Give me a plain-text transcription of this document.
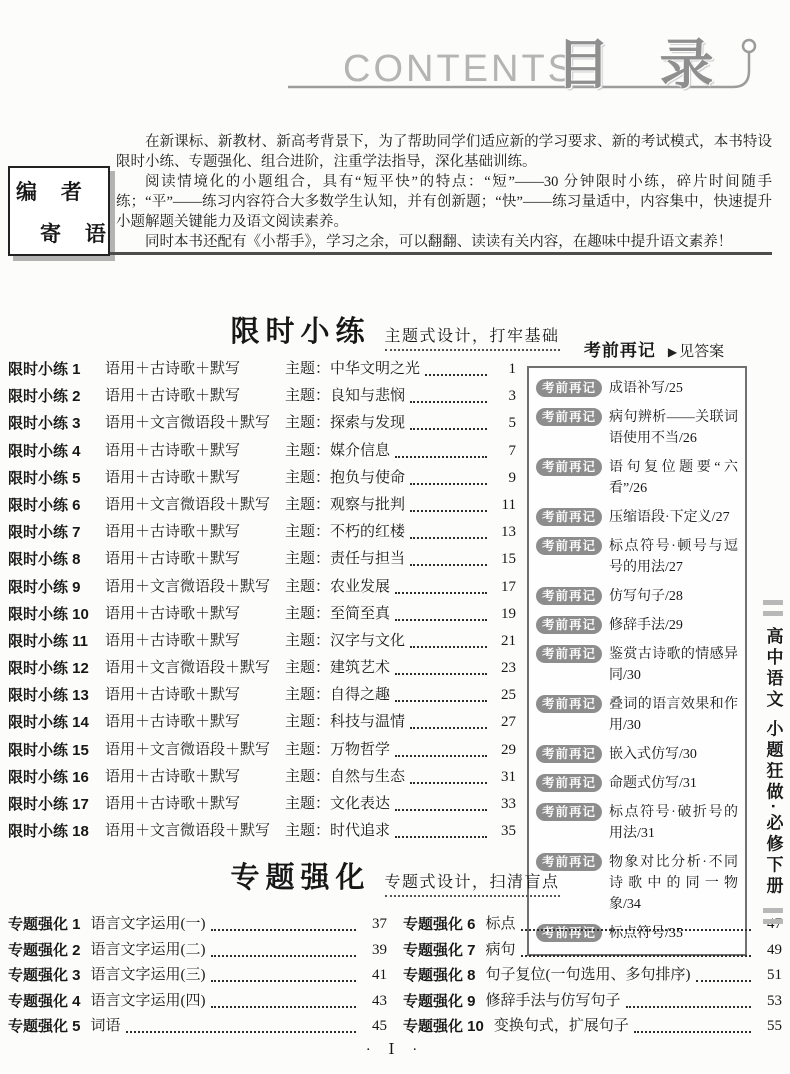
CONTENTS
目 录
编 者
寄 语

在新课标、新教材、新高考背景下，为了帮助同学们适应新的学习要求、新的考试模式，本书特设限时小练、专题强化、组合进阶，注重学法指导，深化基础训练。

阅读情境化的小题组合，具有“短平快”的特点：“短”——30 分钟限时小练，碎片时间随手练；“平”——练习内容符合大多数学生认知，并有创新题；“快”——练习量适中，内容集中，快速提升小题解题关键能力及语文阅读素养。

同时本书还配有《小帮手》，学习之余，可以翻翻、读读有关内容，在趣味中提升语文素养！

限时小练 主题式设计，打牢基础
限时小练 1	语用＋古诗歌＋默写	主题：中华文明之光	1
限时小练 2	语用＋古诗歌＋默写	主题：良知与悲悯	3
限时小练 3	语用＋文言微语段＋默写 主题：探索与发现	5
限时小练 4	语用＋古诗歌＋默写	主题：媒介信息	7
限时小练 5	语用＋古诗歌＋默写	主题：抱负与使命	9
限时小练 6	语用＋文言微语段＋默写 主题：观察与批判	11
限时小练 7	语用＋古诗歌＋默写	主题：不朽的红楼	13
限时小练 8	语用＋古诗歌＋默写	主题：责任与担当	15
限时小练 9	语用＋文言微语段＋默写 主题：农业发展	17
限时小练 10	语用＋古诗歌＋默写	主题：至简至真	19
限时小练 11	语用＋古诗歌＋默写	主题：汉字与文化	21
限时小练 12	语用＋文言微语段＋默写 主题：建筑艺术	23
限时小练 13	语用＋古诗歌＋默写	主题：自得之趣	25
限时小练 14	语用＋古诗歌＋默写	主题：科技与温情	27
限时小练 15	语用＋文言微语段＋默写 主题：万物哲学	29
限时小练 16	语用＋古诗歌＋默写	主题：自然与生态	31
限时小练 17	语用＋古诗歌＋默写	主题：文化表达	33
限时小练 18	语用＋文言微语段＋默写 主题：时代追求	35
考前再记 ▶ 见答案
考前再记 成语补写/25
考前再记 病句辨析——关联词语使用不当/26
考前再记 语句复位题要“六看”/26
考前再记 压缩语段·下定义/27
考前再记 标点符号·顿号与逗号的用法/27
考前再记 仿写句子/28
考前再记 修辞手法/29
考前再记 鉴赏古诗歌的情感异同/30
考前再记 叠词的语言效果和作用/30
考前再记 嵌入式仿写/30
考前再记 命题式仿写/31
考前再记 标点符号·破折号的用法/31
考前再记 物象对比分析·不同诗歌中的同一物象/34
考前再记 标点符号/35
专题强化 专题式设计，扫清盲点
专题强化 1 语言文字运用(一)	37
专题强化 2 语言文字运用(二)	39
专题强化 3 语言文字运用(三)	41
专题强化 4 语言文字运用(四)	43
专题强化 5 词语	45
专题强化 6 标点	47
专题强化 7 病句	49
专题强化 8 句子复位(一句选用、多句排序)	51
专题强化 9 修辞手法与仿写句子	53
专题强化 10 变换句式，扩展句子	55
高中语文 小题狂做·必修下册
· Ⅰ ·
